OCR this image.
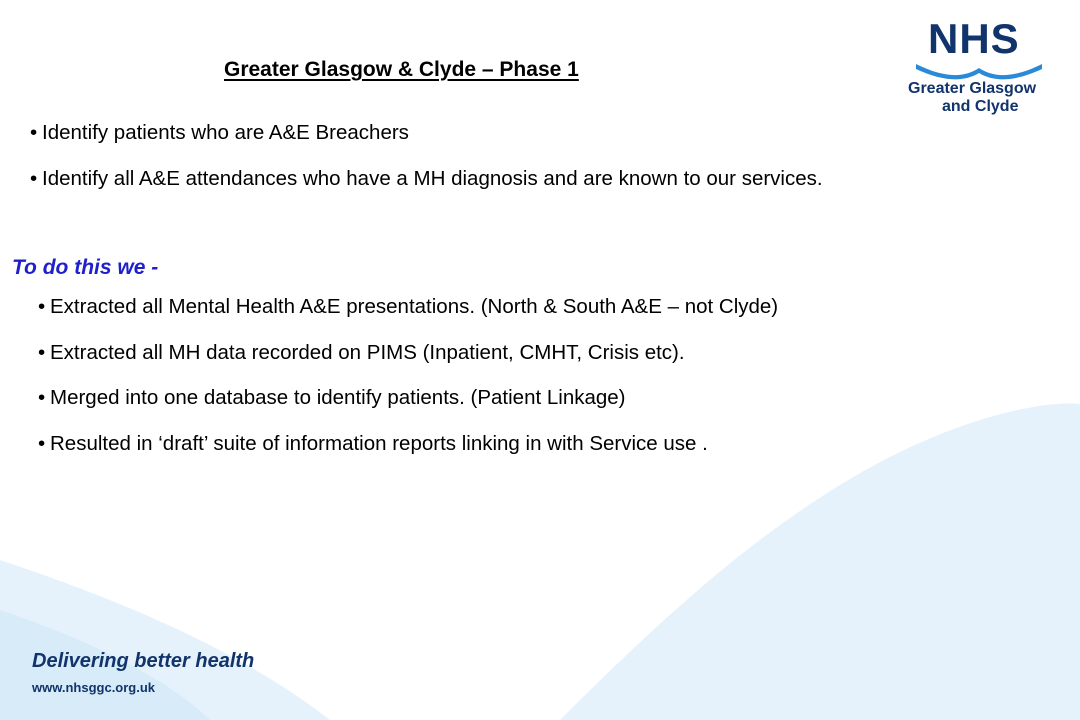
Greater Glasgow & Clyde – Phase 1
NHS
Greater Glasgow
and Clyde
• Identify patients who are A&E Breachers
• Identify all A&E attendances who have a MH diagnosis and are known to our services.
To do this we -
• Extracted all Mental Health A&E presentations. (North & South A&E – not Clyde)
• Extracted all MH data recorded on PIMS (Inpatient, CMHT, Crisis etc).
• Merged into one database to identify patients. (Patient Linkage)
• Resulted in ‘draft’ suite of information reports linking in with Service use .
Delivering better health
www.nhsggc.org.uk
